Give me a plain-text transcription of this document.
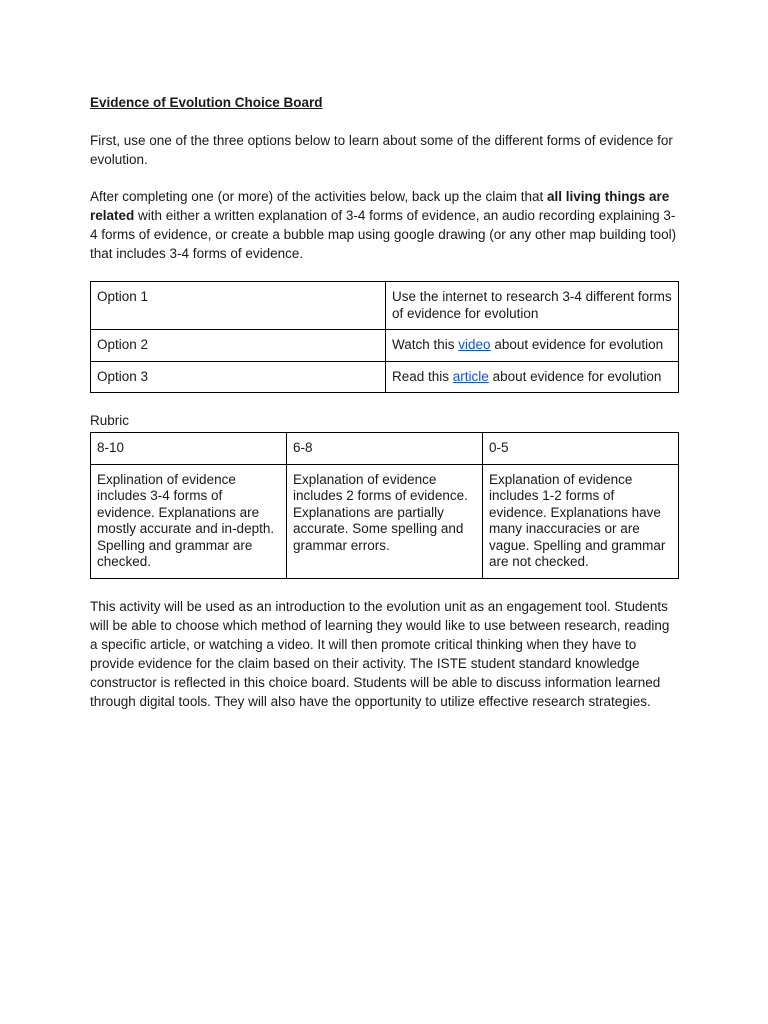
Evidence of Evolution Choice Board

First, use one of the three options below to learn about some of the different forms of evidence for evolution.

After completing one (or more) of the activities below, back up the claim that all living things are related with either a written explanation of 3-4 forms of evidence, an audio recording explaining 3-4 forms of evidence, or create a bubble map using google drawing (or any other map building tool) that includes 3-4 forms of evidence.

Option 1	Use the internet to research 3-4 different forms of evidence for evolution
Option 2	Watch this video about evidence for evolution
Option 3	Read this article about evidence for evolution

Rubric

8-10	6-8	0-5
Explination of evidence includes 3-4 forms of evidence. Explanations are mostly accurate and in-depth. Spelling and grammar are checked.	Explanation of evidence includes 2 forms of evidence. Explanations are partially accurate. Some spelling and grammar errors.	Explanation of evidence includes 1-2 forms of evidence. Explanations have many inaccuracies or are vague. Spelling and grammar are not checked.

This activity will be used as an introduction to the evolution unit as an engagement tool. Students will be able to choose which method of learning they would like to use between research, reading a specific article, or watching a video. It will then promote critical thinking when they have to provide evidence for the claim based on their activity. The ISTE student standard knowledge constructor is reflected in this choice board. Students will be able to discuss information learned through digital tools. They will also have the opportunity to utilize effective research strategies.
